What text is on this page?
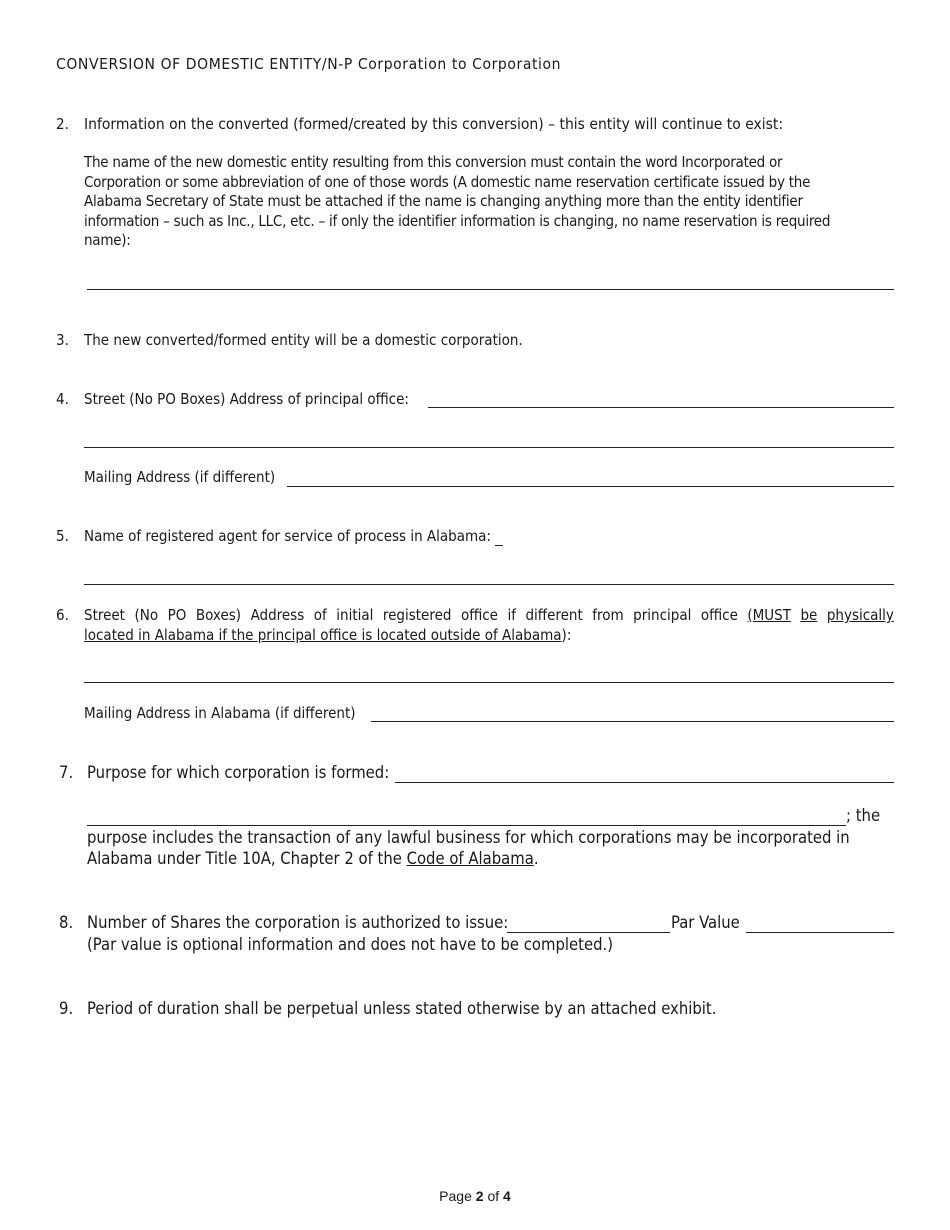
CONVERSION OF DOMESTIC ENTITY/N-P Corporation to Corporation
2. Information on the converted (formed/created by this conversion) – this entity will continue to exist:
The name of the new domestic entity resulting from this conversion must contain the word Incorporated or
Corporation or some abbreviation of one of those words (A domestic name reservation certificate issued by the
Alabama Secretary of State must be attached if the name is changing anything more than the entity identifier
information – such as Inc., LLC, etc. – if only the identifier information is changing, no name reservation is required
name):
3. The new converted/formed entity will be a domestic corporation.
4. Street (No PO Boxes) Address of principal office:
Mailing Address (if different)
5. Name of registered agent for service of process in Alabama:
6. Street (No PO Boxes) Address of initial registered office if different from principal office (MUST be physically
located in Alabama if the principal office is located outside of Alabama):
Mailing Address in Alabama (if different)
7. Purpose for which corporation is formed:
; the
purpose includes the transaction of any lawful business for which corporations may be incorporated in
Alabama under Title 10A, Chapter 2 of the Code of Alabama.
8. Number of Shares the corporation is authorized to issue:	Par Value
(Par value is optional information and does not have to be completed.)
9. Period of duration shall be perpetual unless stated otherwise by an attached exhibit.
Page 2 of 4
